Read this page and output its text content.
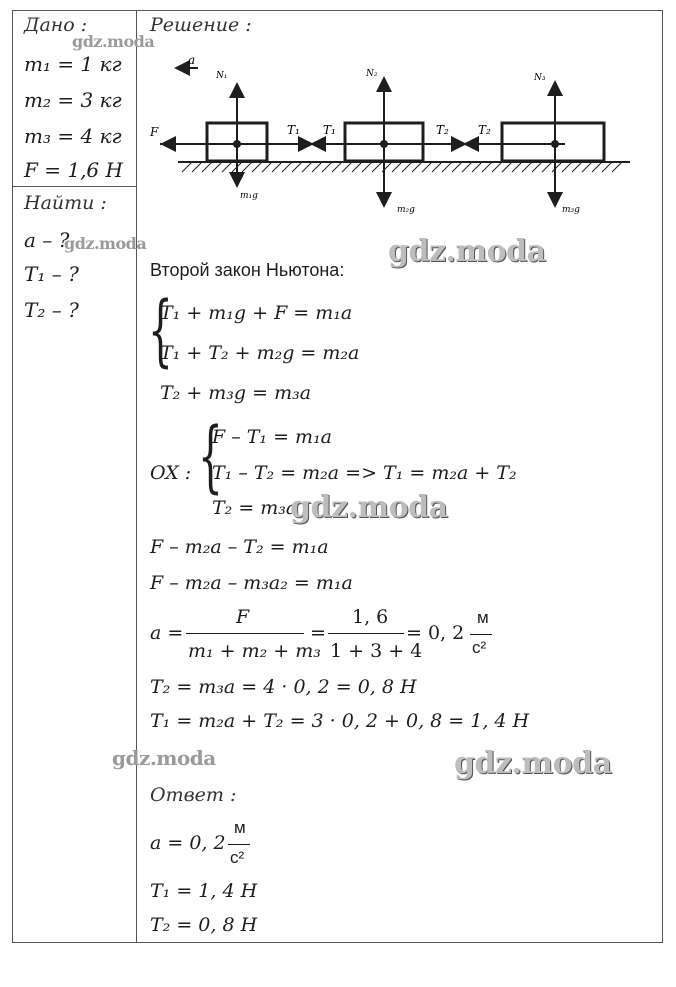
Дано :
m₁ = 1 кг
m₂ = 3 кг
m₃ = 4 кг
F = 1,6 Н
Найти :
a – ?
T₁ – ?
T₂ – ?
Решение :
a
F
N₁	N₂	N₃
T₁ T₁	T₂ T₂
m₁g
m₂g	m₃g
Второй закон Ньютона:
{
T₁ + m₁g + F = m₁a
T₁ + T₂ + m₂g = m₂a
T₂ + m₃g = m₃a
OX : {
F – T₁ = m₁a
T₁ – T₂ = m₂a => T₁ = m₂a + T₂
T₂ = m₃a
F – m₂a – T₂ = m₁a
F – m₂a – m₃a₂ = m₁a
a =
F
m₁ + m₂ + m₃
=
1, 6
1 + 3 + 4
= 0, 2
м
с²
T₂ = m₃a = 4 · 0, 2 = 0, 8 Н
T₁ = m₂a + T₂ = 3 · 0, 2 + 0, 8 = 1, 4 Н
Ответ :
a = 0, 2
м
с²
T₁ = 1, 4 Н
T₂ = 0, 8 Н
gdz.moda
gdz.moda	gdz.moda
gdz.moda
gdz.moda	gdz.moda
